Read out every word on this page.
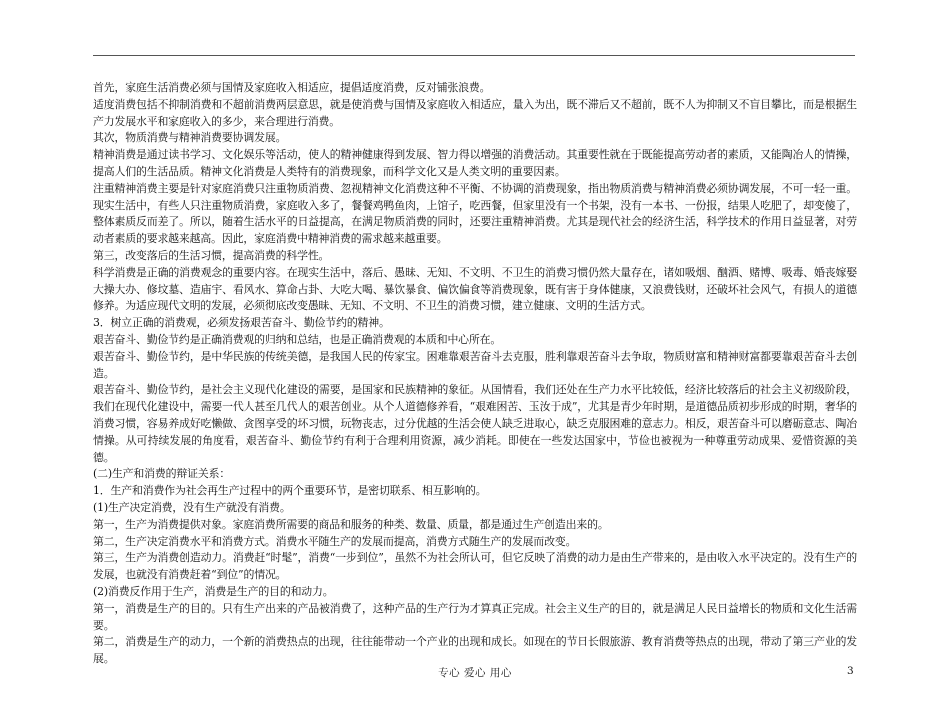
首先，家庭生活消费必须与国情及家庭收入相适应，提倡适度消费，反对铺张浪费。

适度消费包括不抑制消费和不超前消费两层意思，就是使消费与国情及家庭收入相适应，量入为出，既不滞后又不超前，既不人为抑制又不盲目攀比，而是根据生产力发展水平和家庭收入的多少，来合理进行消费。

其次，物质消费与精神消费要协调发展。

精神消费是通过读书学习、文化娱乐等活动，使人的精神健康得到发展、智力得以增强的消费活动。其重要性就在于既能提高劳动者的素质，又能陶冶人的情操，提高人们的生活品质。精神文化消费是人类特有的消费现象，而科学文化又是人类文明的重要因素。

注重精神消费主要是针对家庭消费只注重物质消费、忽视精神文化消费这种不平衡、不协调的消费现象，指出物质消费与精神消费必须协调发展，不可一轻一重。现实生活中，有些人只注重物质消费，家庭收入多了，餐餐鸡鸭鱼肉，上馆子，吃西餐，但家里没有一个书架，没有一本书、一份报，结果人吃肥了，却变傻了，整体素质反而差了。所以，随着生活水平的日益提高，在满足物质消费的同时，还要注重精神消费。尤其是现代社会的经济生活，科学技术的作用日益显著，对劳动者素质的要求越来越高。因此，家庭消费中精神消费的需求越来越重要。

第三，改变落后的生活习惯，提高消费的科学性。

科学消费是正确的消费观念的重要内容。在现实生活中，落后、愚昧、无知、不文明、不卫生的消费习惯仍然大量存在，诸如吸烟、酗酒、赌博、吸毒、婚丧嫁娶大操大办、修坟墓、造庙宇、看风水、算命占卦、大吃大喝、暴饮暴食、偏饮偏食等消费现象，既有害于身体健康，又浪费钱财，还破坏社会风气，有损人的道德修养。为适应现代文明的发展，必须彻底改变愚昧、无知、不文明、不卫生的消费习惯，建立健康、文明的生活方式。

3．树立正确的消费观，必须发扬艰苦奋斗、勤俭节约的精神。

艰苦奋斗、勤俭节约是正确消费观的归纳和总结，也是正确消费观的本质和中心所在。

艰苦奋斗、勤俭节约，是中华民族的传统美德，是我国人民的传家宝。困难靠艰苦奋斗去克服，胜利靠艰苦奋斗去争取，物质财富和精神财富都要靠艰苦奋斗去创造。

艰苦奋斗、勤俭节约，是社会主义现代化建设的需要，是国家和民族精神的象征。从国情看，我们还处在生产力水平比较低，经济比较落后的社会主义初级阶段，我们在现代化建设中，需要一代人甚至几代人的艰苦创业。从个人道德修养看，“艰难困苦、玉汝于成”，尤其是青少年时期，是道德品质初步形成的时期，奢华的消费习惯，容易养成好吃懒做、贪图享受的坏习惯，玩物丧志，过分优越的生活会使人缺乏进取心，缺乏克服困难的意志力。相反，艰苦奋斗可以磨砺意志、陶冶情操。从可持续发展的角度看，艰苦奋斗、勤俭节约有利于合理利用资源，减少消耗。即使在一些发达国家中，节俭也被视为一种尊重劳动成果、爱惜资源的美德。

(二)生产和消费的辩证关系：

1．生产和消费作为社会再生产过程中的两个重要环节，是密切联系、相互影响的。

(1)生产决定消费，没有生产就没有消费。

第一，生产为消费提供对象。家庭消费所需要的商品和服务的种类、数量、质量，都是通过生产创造出来的。

第二，生产决定消费水平和消费方式。消费水平随生产的发展而提高，消费方式随生产的发展而改变。

第三，生产为消费创造动力。消费赶“时髦”，消费“一步到位”，虽然不为社会所认可，但它反映了消费的动力是由生产带来的，是由收入水平决定的。没有生产的发展，也就没有消费赶着“到位”的情况。

(2)消费反作用于生产，消费是生产的目的和动力。

第一，消费是生产的目的。只有生产出来的产品被消费了，这种产品的生产行为才算真正完成。社会主义生产的目的，就是满足人民日益增长的物质和文化生活需要。

第二，消费是生产的动力，一个新的消费热点的出现，往往能带动一个产业的出现和成长。如现在的节日长假旅游、教育消费等热点的出现，带动了第三产业的发展。

专心 爱心 用心	3
